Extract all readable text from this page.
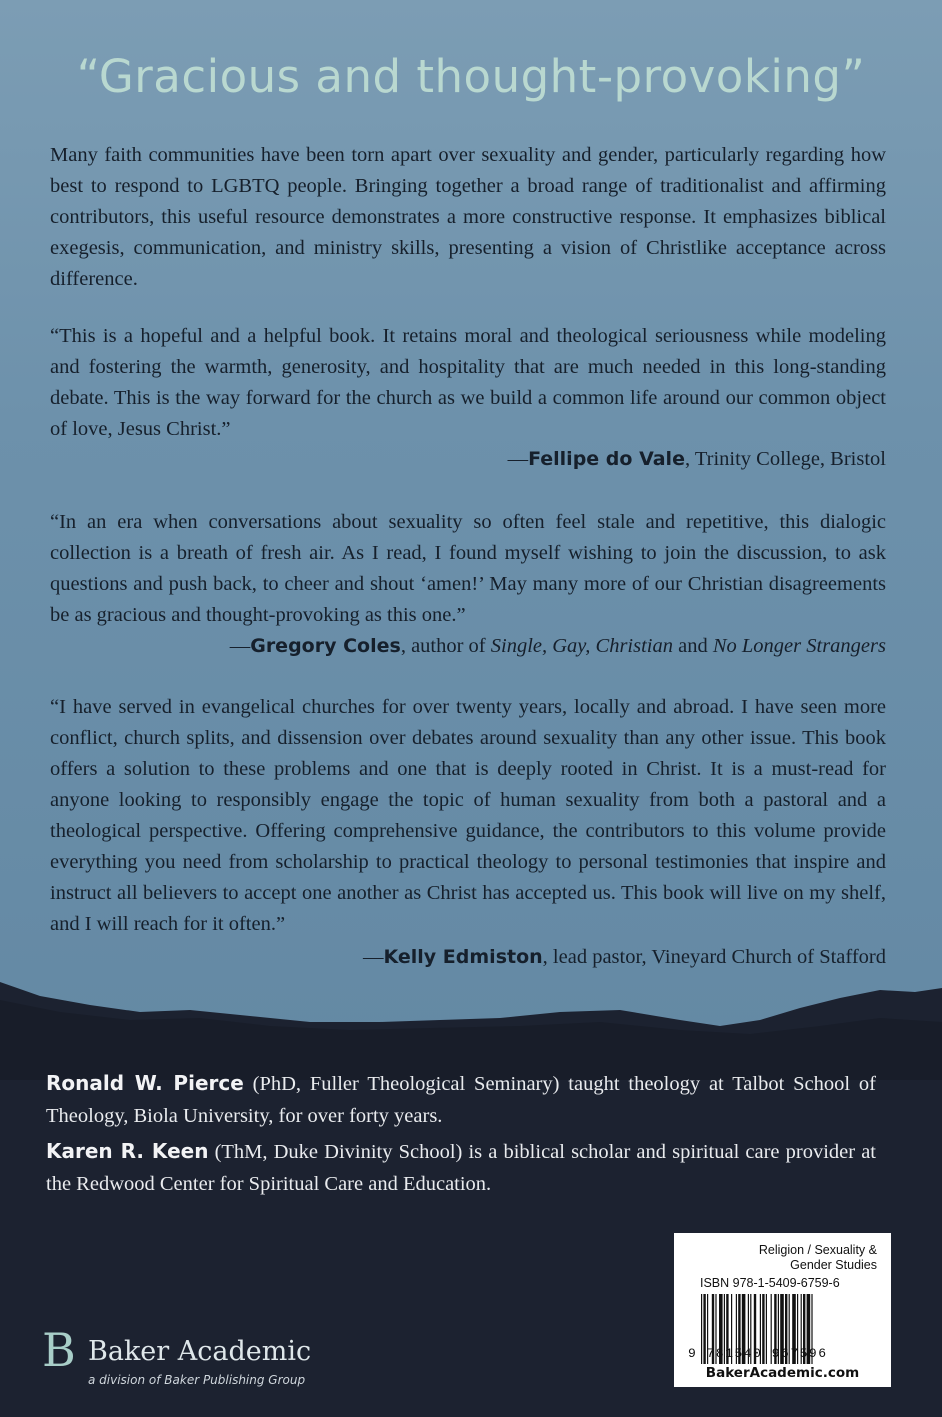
“Gracious and thought-provoking”
Many faith communities have been torn apart over sexuality and gender, particularly regarding how best to respond to LGBTQ people. Bringing together a broad range of traditionalist and affirming contributors, this useful resource demonstrates a more constructive response. It emphasizes biblical exegesis, communication, and ministry skills, presenting a vision of Christlike acceptance across difference.
“This is a hopeful and a helpful book. It retains moral and theological seriousness while modeling and fostering the warmth, generosity, and hospitality that are much needed in this long-standing debate. This is the way forward for the church as we build a common life around our common object of love, Jesus Christ.”
—Fellipe do Vale, Trinity College, Bristol
“In an era when conversations about sexuality so often feel stale and repetitive, this dialogic collection is a breath of fresh air. As I read, I found myself wishing to join the discussion, to ask questions and push back, to cheer and shout ‘amen!’ May many more of our Christian disagreements be as gracious and thought-provoking as this one.”
—Gregory Coles, author of Single, Gay, Christian and No Longer Strangers
“I have served in evangelical churches for over twenty years, locally and abroad. I have seen more conflict, church splits, and dissension over debates around sexuality than any other issue. This book offers a solution to these problems and one that is deeply rooted in Christ. It is a must-read for anyone looking to responsibly engage the topic of human sexuality from both a pastoral and a theological perspective. Offering comprehensive guidance, the contributors to this volume provide everything you need from scholarship to practical theology to personal testimonies that inspire and instruct all believers to accept one another as Christ has accepted us. This book will live on my shelf, and I will reach for it often.”
—Kelly Edmiston, lead pastor, Vineyard Church of Stafford
Ronald W. Pierce (PhD, Fuller Theological Seminary) taught theology at Talbot School of Theology, Biola University, for over forty years.
Karen R. Keen (ThM, Duke Divinity School) is a biblical scholar and spiritual care provider at the Redwood Center for Spiritual Care and Education.
B Baker Academic
a division of Baker Publishing Group
Religion / Sexuality &
Gender Studies
ISBN 978-1-5409-6759-6
9 781540 967596
BakerAcademic.com
